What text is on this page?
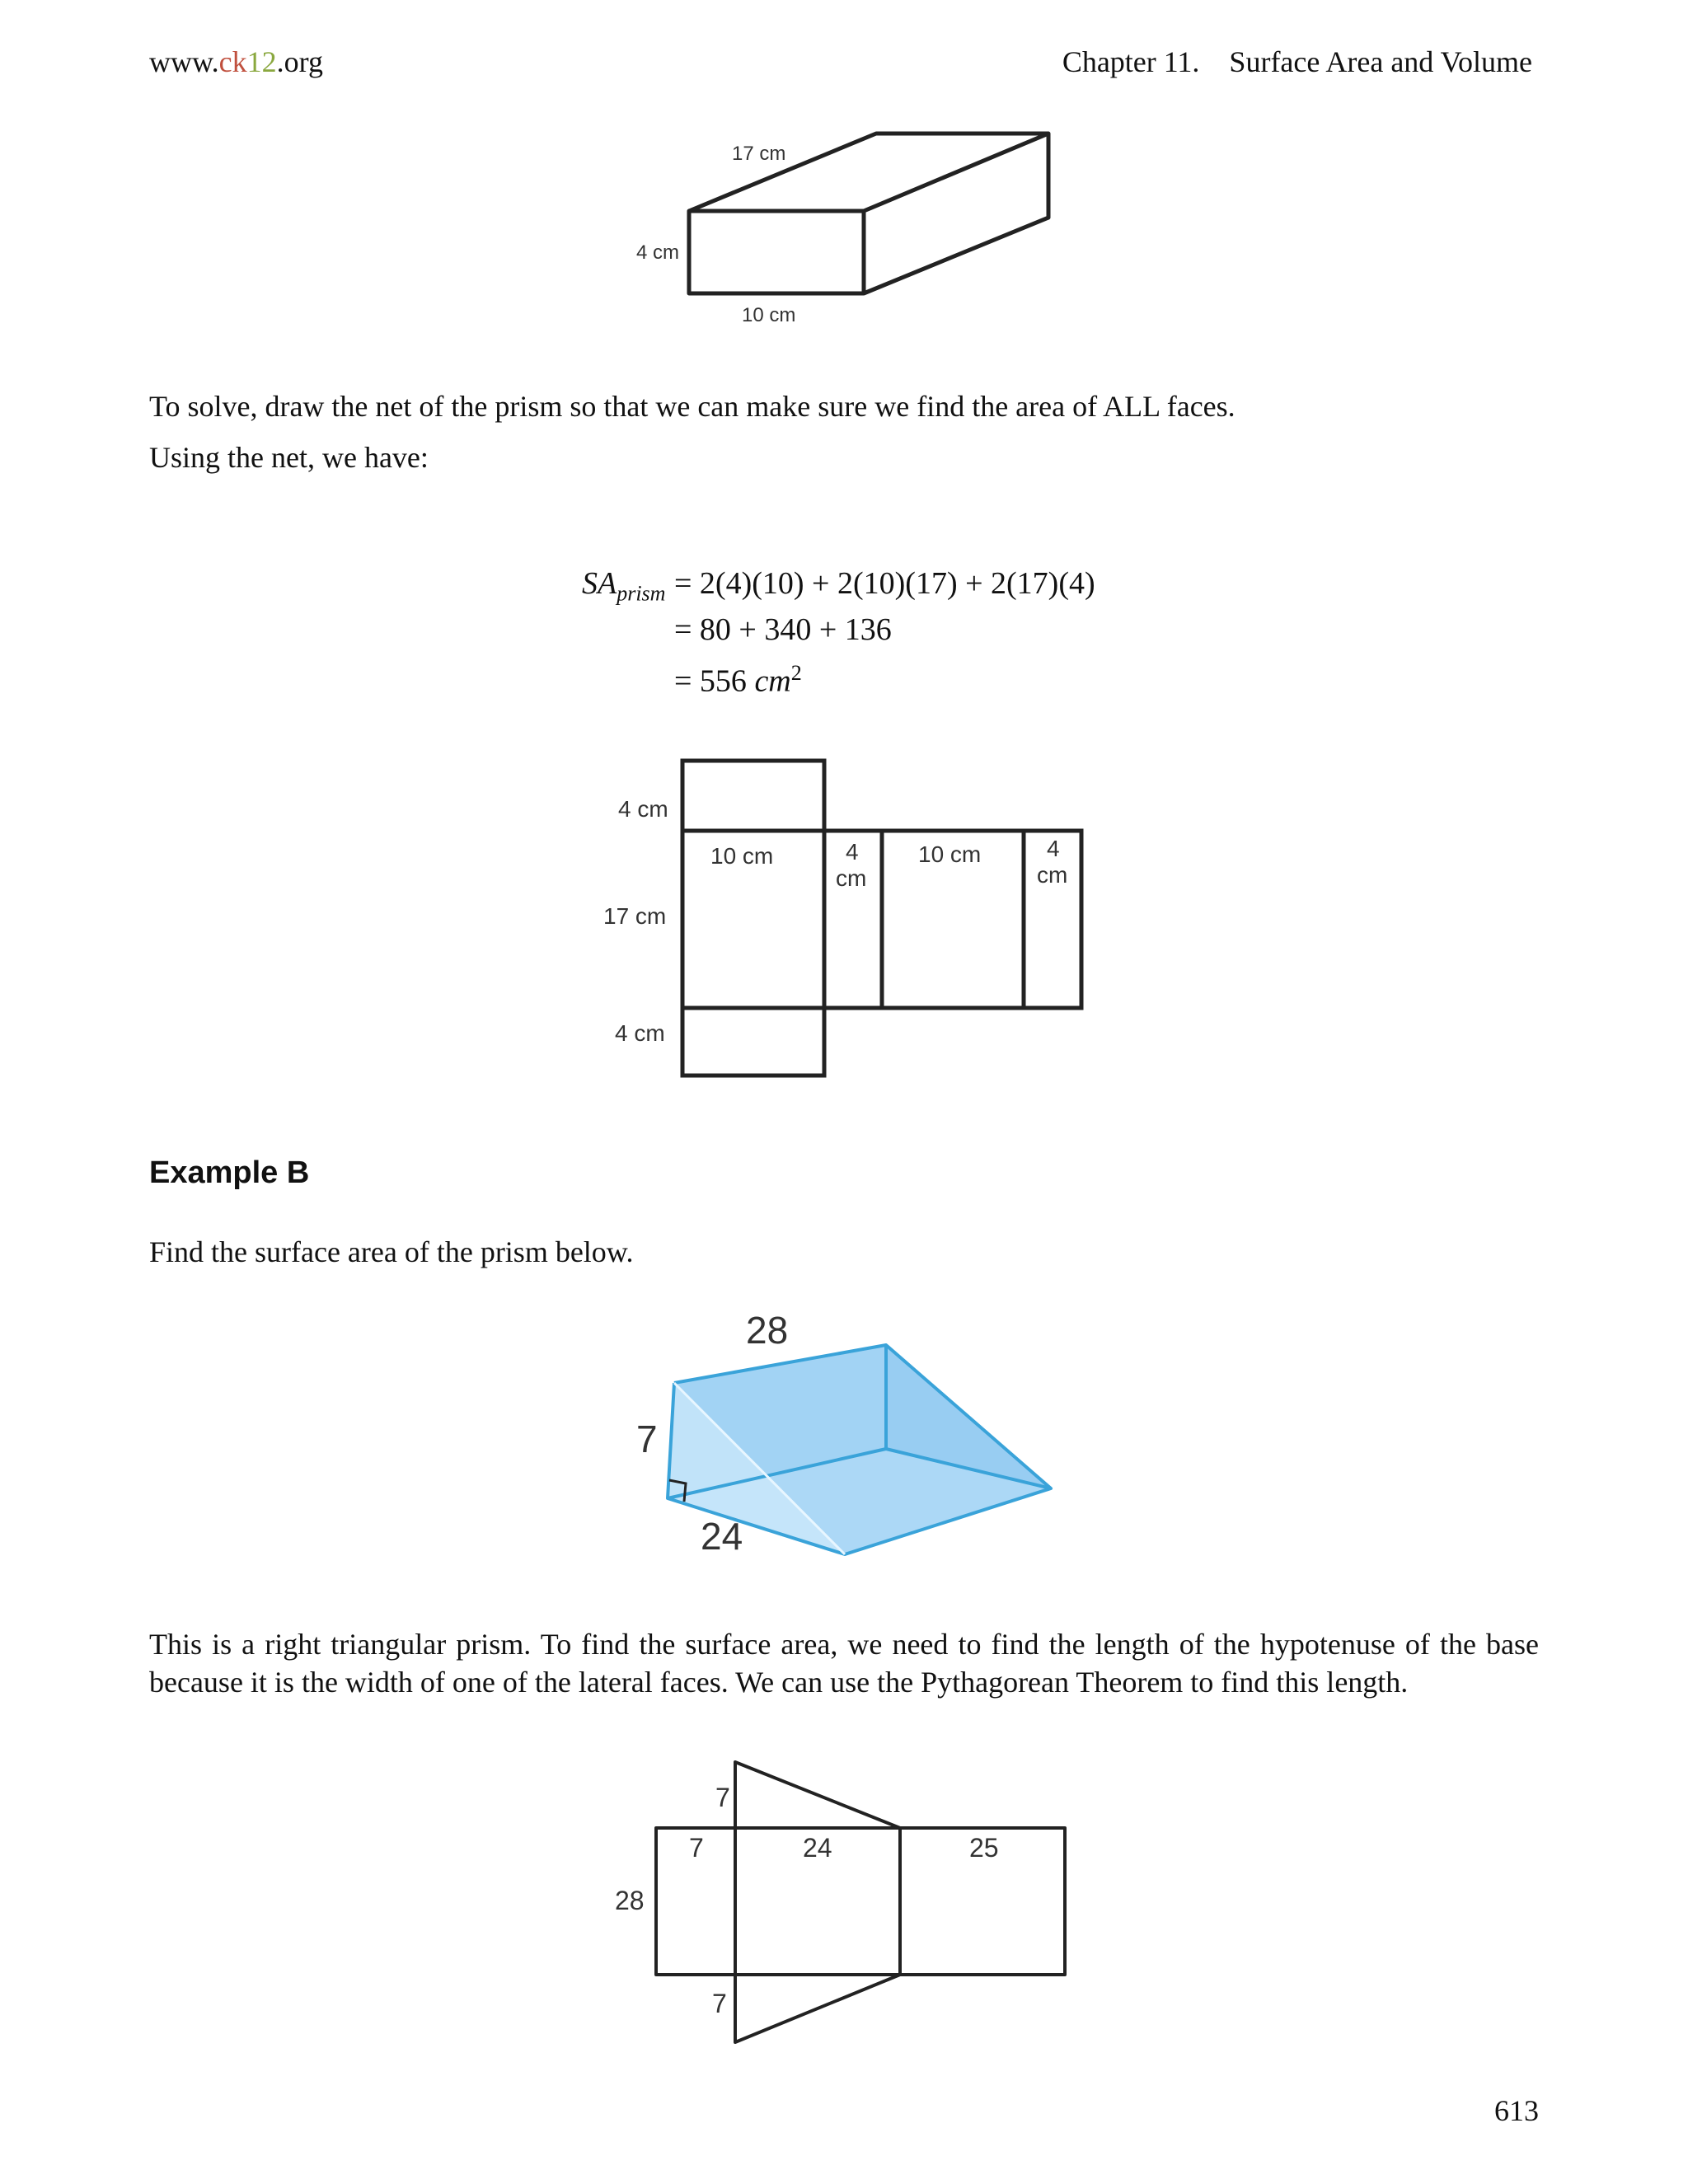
www.ck12.org	Chapter 11.    Surface Area and Volume
17 cm
4 cm
10 cm
To solve, draw the net of the prism so that we can make sure we find the area of ALL faces.
Using the net, we have:
$SA_{prism} = 2(4)(10) + 2(10)(17) + 2(17)(4)$
= 80 + 340 + 136
= 556 $cm^2$
4 cm
17 cm
4 cm
10 cm	4
cm
10 cm	4
cm
Example B
Find the surface area of the prism below.
28
7
24
This is a right triangular prism. To find the surface area, we need to find the length of the hypotenuse of the base because it is the width of one of the lateral faces. We can use the Pythagorean Theorem to find this length.
7
7	24	25
28
7
613
